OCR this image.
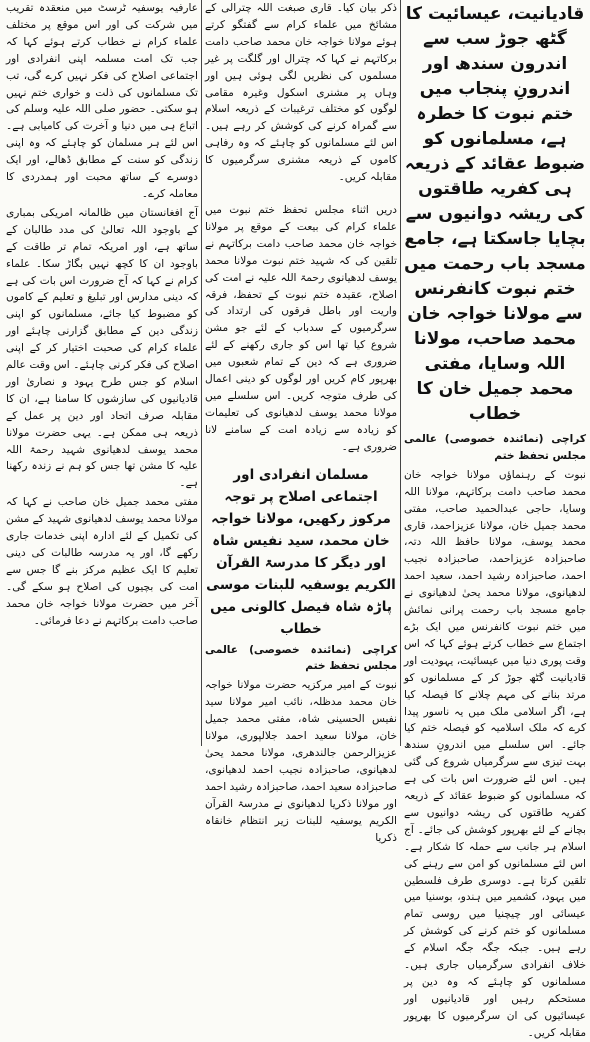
قادیانیت، عیسائیت کا گٹھ جوڑ سب سے اندرون سندھ اور اندرونِ پنجاب میں ختم نبوت کا خطرہ ہے، مسلمانوں کو ضبوط عقائد کے ذریعہ ہی کفریہ طاقتوں کی ریشہ دوانیوں سے بچایا جاسکتا ہے، جامع مسجد باب رحمت میں ختم نبوت کانفرنس سے مولانا خواجہ خان محمد صاحب، مولانا اللہ وسایا، مفتی محمد جمیل خان کا خطاب

کراچی (نمائندہ خصوصی) عالمی مجلس تحفظ ختم

نبوت کے رہنماؤں مولانا خواجہ خان محمد صاحب دامت برکاتہم، مولانا اللہ وسایا، حاجی عبدالحمید صاحب، مفتی محمد جمیل خان، مولانا عزیزاحمد، قاری محمد یوسف، مولانا حافظ اللہ دتہ، صاحبزادہ عزیزاحمد، صاحبزادہ نجیب احمد، صاحبزادہ رشید احمد، سعید احمد لدھیانوی، مولانا محمد یحیٰ لدھیانوی نے جامع مسجد باب رحمت پرانی نمائش میں ختم نبوت کانفرنس میں ایک بڑے اجتماع سے خطاب کرتے ہوئے کہا کہ اس وقت پوری دنیا میں عیسائیت، یہودیت اور قادیانیت گٹھ جوڑ کر کے مسلمانوں کو مرتد بنانے کی مہم چلانے کا فیصلہ کیا ہے، اگر اسلامی ملک میں یہ ناسور پیدا کرے کہ ملک اسلامیہ کو فیصلہ ختم کیا جائے۔ اس سلسلے میں اندرونِ سندھ بہت تیزی سے سرگرمیاں شروع کی گئی ہیں۔ اس لئے ضرورت اس بات کی ہے کہ مسلمانوں کو ضبوط عقائد کے ذریعہ کفریہ طاقتوں کی ریشہ دوانیوں سے بچانے کے لئے بھرپور کوشش کی جائے۔ آج اسلام ہر جانب سے حملہ کا شکار ہے۔ اس لئے مسلمانوں کو امن سے رہنے کی تلقین کرتا ہے۔ دوسری طرف فلسطین میں یہود، کشمیر میں ہندو، بوسنیا میں عیسائی اور چیچنیا میں روسی تمام مسلمانوں کو ختم کرنے کی کوشش کر رہے ہیں۔ جبکہ جگہ جگہ اسلام کے خلاف انفرادی سرگرمیاں جاری ہیں۔ مسلمانوں کو چاہئے کہ وہ دین پر مستحکم رہیں اور قادیانیوں اور عیسائیوں کی ان سرگرمیوں کا بھرپور مقابلہ کریں۔

ذکر بیان کیا۔ قاری صبغت اللہ چترالی کے مشائخ میں علماء کرام سے گفتگو کرتے ہوئے مولانا خواجہ خان محمد صاحب دامت برکاتہم نے کہا کہ چترال اور گلگت پر غیر مسلموں کی نظریں لگی ہوئی ہیں اور وہاں پر مشنری اسکول وغیرہ مقامی لوگوں کو مختلف ترغیبات کے ذریعہ اسلام سے گمراہ کرنے کی کوشش کر رہے ہیں۔ اس لئے مسلمانوں کو چاہئے کہ وہ رفاہی کاموں کے ذریعہ مشنری سرگرمیوں کا مقابلہ کریں۔

دریں اثناء مجلس تحفظ ختم نبوت میں علماء کرام کی بیعت کے موقع پر مولانا خواجہ خان محمد صاحب دامت برکاتہم نے تلقین کی کہ شہید ختم نبوت مولانا محمد یوسف لدھیانوی رحمۃ اللہ علیہ نے امت کی اصلاح، عقیدہ ختم نبوت کے تحفظ، فرقہ واریت اور باطل فرقوں کی ارتداد کی سرگرمیوں کے سدباب کے لئے جو مشن شروع کیا تھا اس کو جاری رکھنے کے لئے ضروری ہے کہ دین کے تمام شعبوں میں بھرپور کام کریں اور لوگوں کو دینی اعمال کی طرف متوجہ کریں۔ اس سلسلے میں مولانا محمد یوسف لدھیانوی کی تعلیمات کو زیادہ سے زیادہ امت کے سامنے لانا ضروری ہے۔

مسلمان انفرادی اور اجتماعی اصلاح پر توجہ مرکوز رکھیں، مولانا خواجہ خان محمد، سید نفیس شاہ اور دیگر کا مدرسۃ القرآن الکریم یوسفیہ للبنات موسی پاڑہ شاہ فیصل کالونی میں خطاب

کراچی (نمائندہ خصوصی) عالمی مجلس تحفظ ختم

نبوت کے امیر مرکزیہ حضرت مولانا خواجہ خان محمد مدظلہ، نائب امیر مولانا سید نفیس الحسینی شاہ، مفتی محمد جمیل خان، مولانا سعید احمد جلالپوری، مولانا عزیزالرحمن جالندھری، مولانا محمد یحیٰ لدھیانوی، صاحبزادہ نجیب احمد لدھیانوی، صاحبزادہ سعید احمد، صاحبزادہ رشید احمد اور مولانا ذکریا لدھیانوی نے مدرسۃ القرآن الکریم یوسفیہ للبنات زیر انتظام خانقاہ ذکریا

عارفیہ یوسفیہ ٹرسٹ میں منعقدہ تقریب میں شرکت کی اور اس موقع پر مختلف علماء کرام نے خطاب کرتے ہوئے کہا کہ جب تک امت مسلمہ اپنی انفرادی اور اجتماعی اصلاح کی فکر نہیں کرے گی، تب تک مسلمانوں کی ذلت و خواری ختم نہیں ہو سکتی۔ حضور صلی اللہ علیہ وسلم کی اتباع ہی میں دنیا و آخرت کی کامیابی ہے۔ اس لئے ہر مسلمان کو چاہئے کہ وہ اپنی زندگی کو سنت کے مطابق ڈھالے، اور ایک دوسرے کے ساتھ محبت اور ہمدردی کا معاملہ کرے۔

آج افغانستان میں ظالمانہ امریکی بمباری کے باوجود اللہ تعالیٰ کی مدد طالبان کے ساتھ ہے، اور امریکہ تمام تر طاقت کے باوجود ان کا کچھ نہیں بگاڑ سکا۔ علماء کرام نے کہا کہ آج ضرورت اس بات کی ہے کہ دینی مدارس اور تبلیغ و تعلیم کے کاموں کو مضبوط کیا جائے، مسلمانوں کو اپنی زندگی دین کے مطابق گزارنی چاہئے اور علماء کرام کی صحبت اختیار کر کے اپنی اصلاح کی فکر کرنی چاہئے۔ اس وقت عالم اسلام کو جس طرح یہود و نصاریٰ اور قادیانیوں کی سازشوں کا سامنا ہے، ان کا مقابلہ صرف اتحاد اور دین پر عمل کے ذریعہ ہی ممکن ہے۔ یہی حضرت مولانا محمد یوسف لدھیانوی شہید رحمۃ اللہ علیہ کا مشن تھا جس کو ہم نے زندہ رکھنا ہے۔

مفتی محمد جمیل خان صاحب نے کہا کہ مولانا محمد یوسف لدھیانوی شہید کے مشن کی تکمیل کے لئے ادارہ اپنی خدمات جاری رکھے گا، اور یہ مدرسہ طالبات کی دینی تعلیم کا ایک عظیم مرکز بنے گا جس سے امت کی بچیوں کی اصلاح ہو سکے گی۔ آخر میں حضرت مولانا خواجہ خان محمد صاحب دامت برکاتہم نے دعا فرمائی۔
